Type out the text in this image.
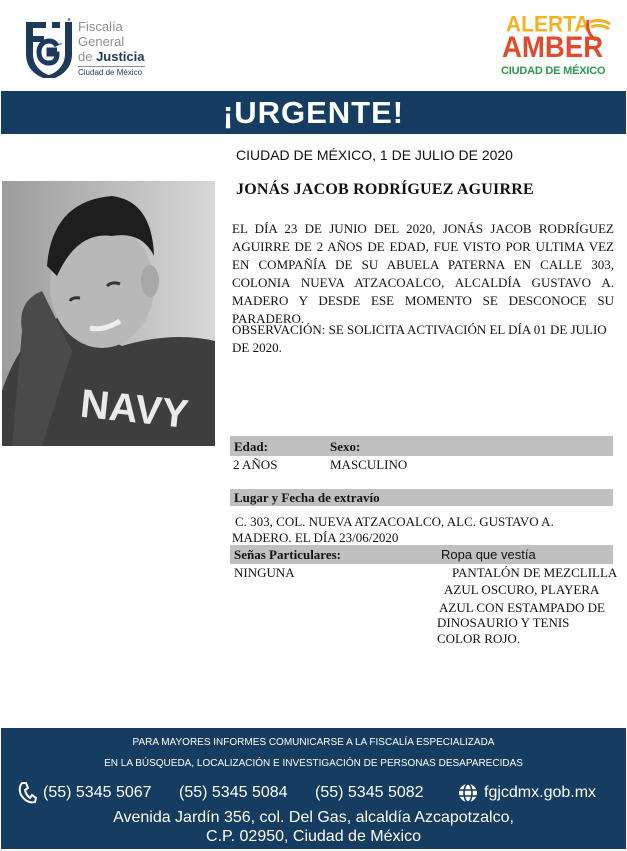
Fiscalía
General
de Justicia
Ciudad de México
ALERTA
AMBER
CIUDAD DE MÉXICO
¡URGENTE!
CIUDAD DE MÉXICO, 1 DE JULIO DE 2020
NAVY
JONÁS JACOB RODRÍGUEZ AGUIRRE
EL DÍA 23 DE JUNIO DEL 2020, JONÁS JACOB RODRÍGUEZ AGUIRRE DE 2 AÑOS DE EDAD, FUE VISTO POR ULTIMA VEZ EN COMPAÑÍA DE SU ABUELA PATERNA EN CALLE 303, COLONIA NUEVA ATZACOALCO, ALCALDÍA GUSTAVO A. MADERO Y DESDE ESE MOMENTO SE DESCONOCE SU PARADERO.
OBSERVACIÓN: SE SOLICITA ACTIVACIÓN EL DÍA 01 DE JULIO DE 2020.
Edad:	Sexo:
2 AÑOS	MASCULINO
Lugar y Fecha de extravío
C. 303, COL. NUEVA ATZACOALCO, ALC. GUSTAVO A.
MADERO. EL DÍA 23/06/2020
Señas Particulares:	Ropa que vestía
NINGUNA	PANTALÓN DE MEZCLILLA
AZUL OSCURO, PLAYERA
AZUL CON ESTAMPADO DE
DINOSAURIO Y TENIS
COLOR ROJO.
PARA MAYORES INFORMES COMUNICARSE A LA FISCALÍA ESPECIALIZADA
EN LA BÚSQUEDA, LOCALIZACIÓN E INVESTIGACIÓN DE PERSONAS DESAPARECIDAS
(55) 5345 5067 (55) 5345 5084 (55) 5345 5082	fgjcdmx.gob.mx
Avenida Jardín 356, col. Del Gas, alcaldía Azcapotzalco,
C.P. 02950, Ciudad de México
